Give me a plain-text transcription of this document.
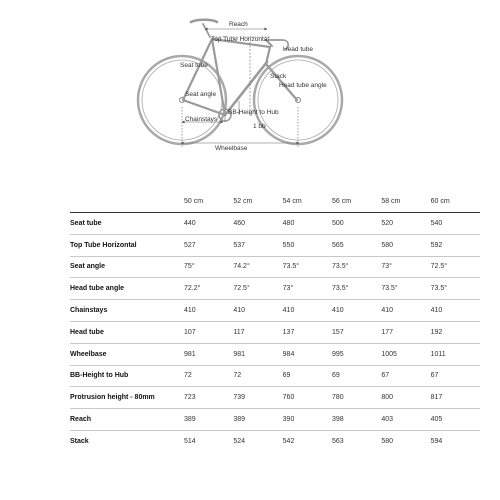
Reach
Top Tube Horizontal
Head tube
Seat tube
Stack
Head tube angle
Seat angle
Chainstays
BB-Height to Hub
1 bb
Wheelbase
	50 cm	52 cm	54 cm	56 cm	58 cm	60 cm
Seat tube	440	460	480	500	520	540
Top Tube Horizontal	527	537	550	565	580	592
Seat angle	75°	74.2°	73.5°	73.5°	73°	72.5°
Head tube angle	72.2°	72.5°	73°	73.5°	73.5°	73.5°
Chainstays	410	410	410	410	410	410
Head tube	107	117	137	157	177	192
Wheelbase	981	981	984	995	1005	1011
BB-Height to Hub	72	72	69	69	67	67
Protrusion height - 80mm	723	739	760	780	800	817
Reach	389	389	390	398	403	405
Stack	514	524	542	563	580	594
